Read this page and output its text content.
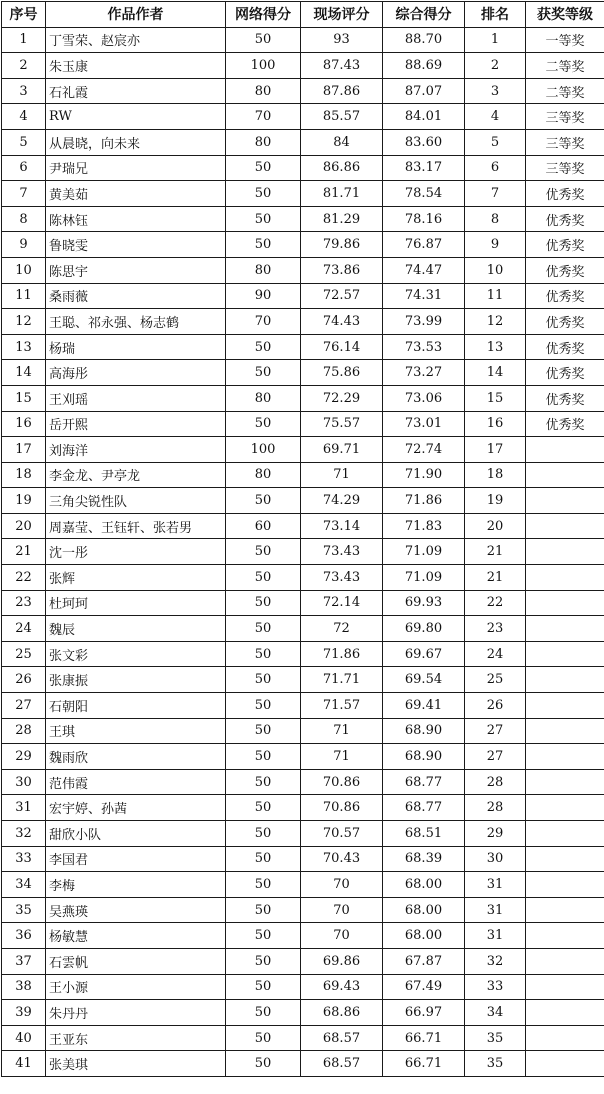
序号	作品作者	网络得分	现场评分	综合得分	排名	获奖等级
1	丁雪荣、赵宸亦	50	93	88.70	1	一等奖
2	朱玉康	100	87.43	88.69	2	二等奖
3	石礼霞	80	87.86	87.07	3	二等奖
4	RW	70	85.57	84.01	4	三等奖
5	从晨晓，向未来	80	84	83.60	5	三等奖
6	尹瑞兄	50	86.86	83.17	6	三等奖
7	黄美茹	50	81.71	78.54	7	优秀奖
8	陈林钰	50	81.29	78.16	8	优秀奖
9	鲁晓雯	50	79.86	76.87	9	优秀奖
10	陈思宇	80	73.86	74.47	10	优秀奖
11	桑雨薇	90	72.57	74.31	11	优秀奖
12	王聪、祁永强、杨志鹤	70	74.43	73.99	12	优秀奖
13	杨瑞	50	76.14	73.53	13	优秀奖
14	高海彤	50	75.86	73.27	14	优秀奖
15	王刈瑶	80	72.29	73.06	15	优秀奖
16	岳开熙	50	75.57	73.01	16	优秀奖
17	刘海洋	100	69.71	72.74	17	
18	李金龙、尹亭龙	80	71	71.90	18	
19	三角尖锐性队	50	74.29	71.86	19	
20	周嘉莹、王钰轩、张若男	60	73.14	71.83	20	
21	沈一彤	50	73.43	71.09	21	
22	张辉	50	73.43	71.09	21	
23	杜珂珂	50	72.14	69.93	22	
24	魏辰	50	72	69.80	23	
25	张文彩	50	71.86	69.67	24	
26	张康振	50	71.71	69.54	25	
27	石朝阳	50	71.57	69.41	26	
28	王琪	50	71	68.90	27	
29	魏雨欣	50	71	68.90	27	
30	范伟霞	50	70.86	68.77	28	
31	宏宇婷、孙茜	50	70.86	68.77	28	
32	甜欣小队	50	70.57	68.51	29	
33	李国君	50	70.43	68.39	30	
34	李梅	50	70	68.00	31	
35	吴燕瑛	50	70	68.00	31	
36	杨敏慧	50	70	68.00	31	
37	石雲帆	50	69.86	67.87	32	
38	王小源	50	69.43	67.49	33	
39	朱丹丹	50	68.86	66.97	34	
40	王亚东	50	68.57	66.71	35	
41	张美琪	50	68.57	66.71	35	
